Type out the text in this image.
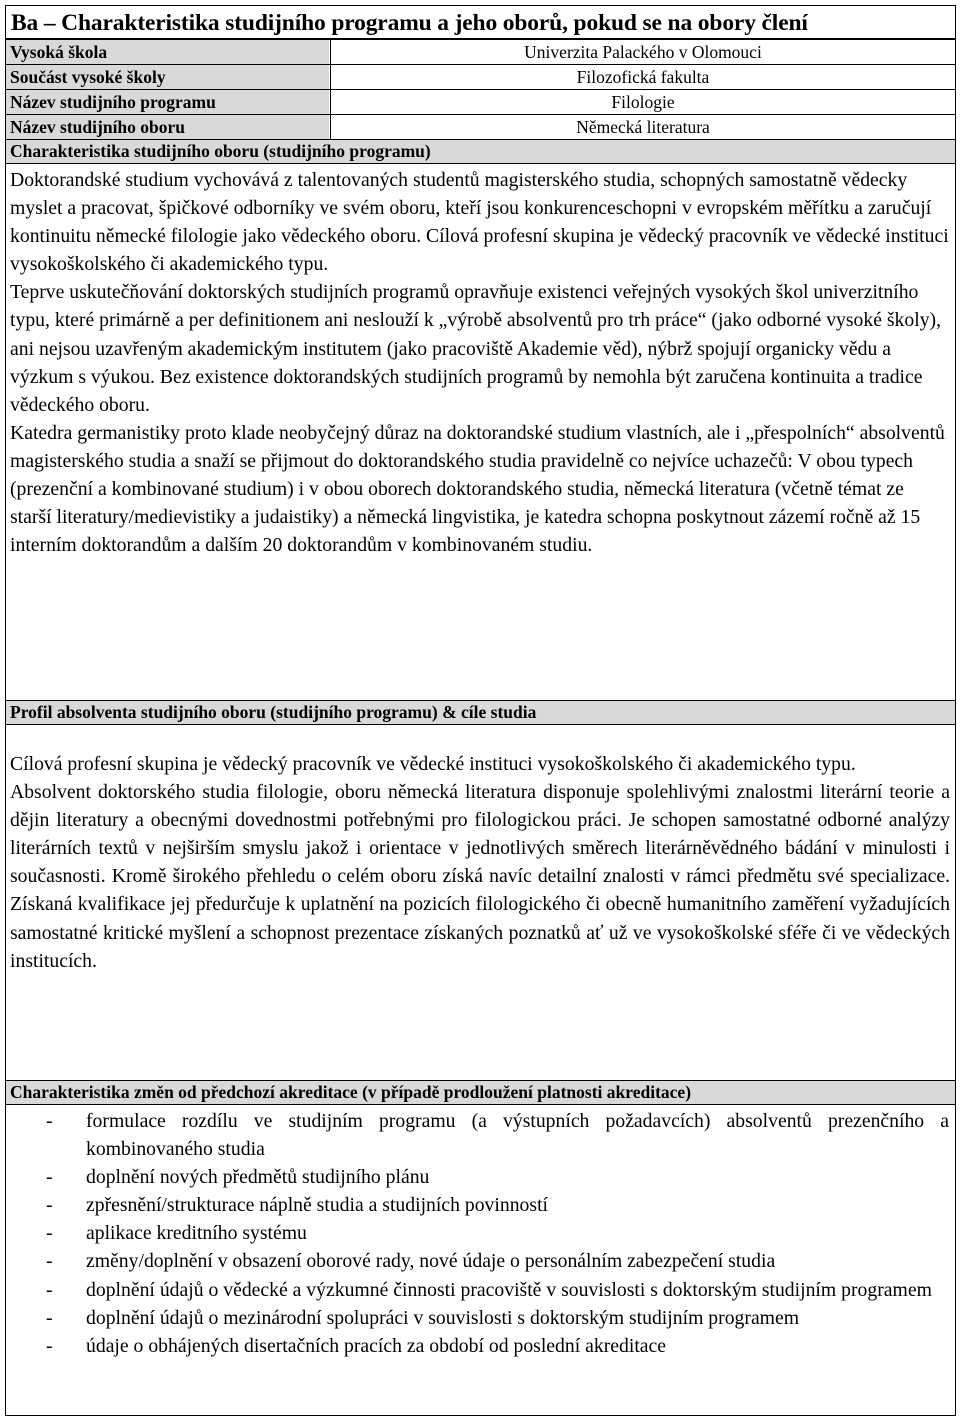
Ba – Charakteristika studijního programu a jeho oborů, pokud se na obory člení
Vysoká škola	Univerzita Palackého v Olomouci
Součást vysoké školy	Filozofická fakulta
Název studijního programu	Filologie
Název studijního oboru	Německá literatura
Charakteristika studijního oboru (studijního programu)

Doktorandské studium vychovává z talentovaných studentů magisterského studia, schopných samostatně vědecky myslet a pracovat, špičkové odborníky ve svém oboru, kteří jsou konkurenceschopni v evropském měřítku a zaručují kontinuitu německé filologie jako vědeckého oboru. Cílová profesní skupina je vědecký pracovník ve vědecké instituci vysokoškolského či akademického typu.

Teprve uskutečňování doktorských studijních programů opravňuje existenci veřejných vysokých škol univerzitního typu, které primárně a per definitionem ani neslouží k „výrobě absolventů pro trh práce“ (jako odborné vysoké školy), ani nejsou uzavřeným akademickým institutem (jako pracoviště Akademie věd), nýbrž spojují organicky vědu a výzkum s výukou. Bez existence doktorandských studijních programů by nemohla být zaručena kontinuita a tradice vědeckého oboru.

Katedra germanistiky proto klade neobyčejný důraz na doktorandské studium vlastních, ale i „přespolních“ absolventů magisterského studia a snaží se přijmout do doktorandského studia pravidelně co nejvíce uchazečů: V obou typech (prezenční a kombinované studium) i v obou oborech doktorandského studia, německá literatura (včetně témat ze starší literatury/medievistiky a judaistiky) a německá lingvistika, je katedra schopna poskytnout zázemí ročně až 15 interním doktorandům a dalším 20 doktorandům v kombinovaném studiu.

Profil absolventa studijního oboru (studijního programu) & cíle studia

Cílová profesní skupina je vědecký pracovník ve vědecké instituci vysokoškolského či akademického typu.

Absolvent doktorského studia filologie, oboru německá literatura disponuje spolehlivými znalostmi literární teorie a dějin literatury a obecnými dovednostmi potřebnými pro filologickou práci. Je schopen samostatné odborné analýzy literárních textů v nejširším smyslu jakož i orientace v jednotlivých směrech literárněvědného bádání v minulosti i současnosti. Kromě širokého přehledu o celém oboru získá navíc detailní znalosti v rámci předmětu své specializace. Získaná kvalifikace jej předurčuje k uplatnění na pozicích filologického či obecně humanitního zaměření vyžadujících samostatné kritické myšlení a schopnost prezentace získaných poznatků ať už ve vysokoškolské sféře či ve vědeckých institucích.

Charakteristika změn od předchozí akreditace (v případě prodloužení platnosti akreditace)
- formulace rozdílu ve studijním programu (a výstupních požadavcích) absolventů prezenčního a kombinovaného studia
- doplnění nových předmětů studijního plánu
- zpřesnění/strukturace náplně studia a studijních povinností
- aplikace kreditního systému
- změny/doplnění v obsazení oborové rady, nové údaje o personálním zabezpečení studia
- doplnění údajů o vědecké a výzkumné činnosti pracoviště v souvislosti s doktorským studijním programem
- doplnění údajů o mezinárodní spolupráci v souvislosti s doktorským studijním programem
- údaje o obhájených disertačních pracích za období od poslední akreditace
